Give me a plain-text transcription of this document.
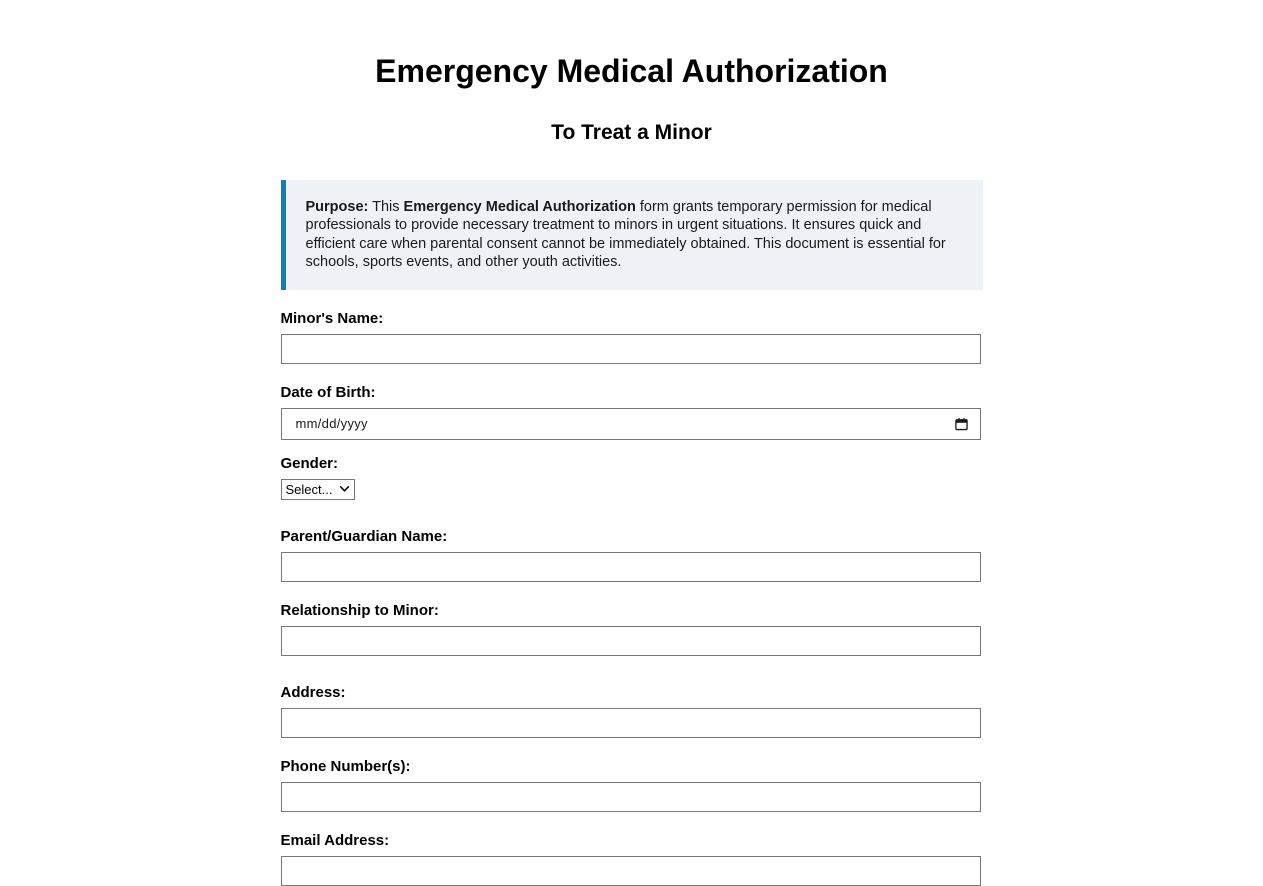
Emergency Medical Authorization
To Treat a Minor

Purpose: This Emergency Medical Authorization form grants temporary permission for medical professionals to provide necessary treatment to minors in urgent situations. It ensures quick and efficient care when parental consent cannot be immediately obtained. This document is essential for schools, sports events, and other youth activities.

Minor's Name:
Date of Birth:
mm/dd/yyyy
Gender:
Select...
Parent/Guardian Name:
Relationship to Minor:
Address:
Phone Number(s):
Email Address:
